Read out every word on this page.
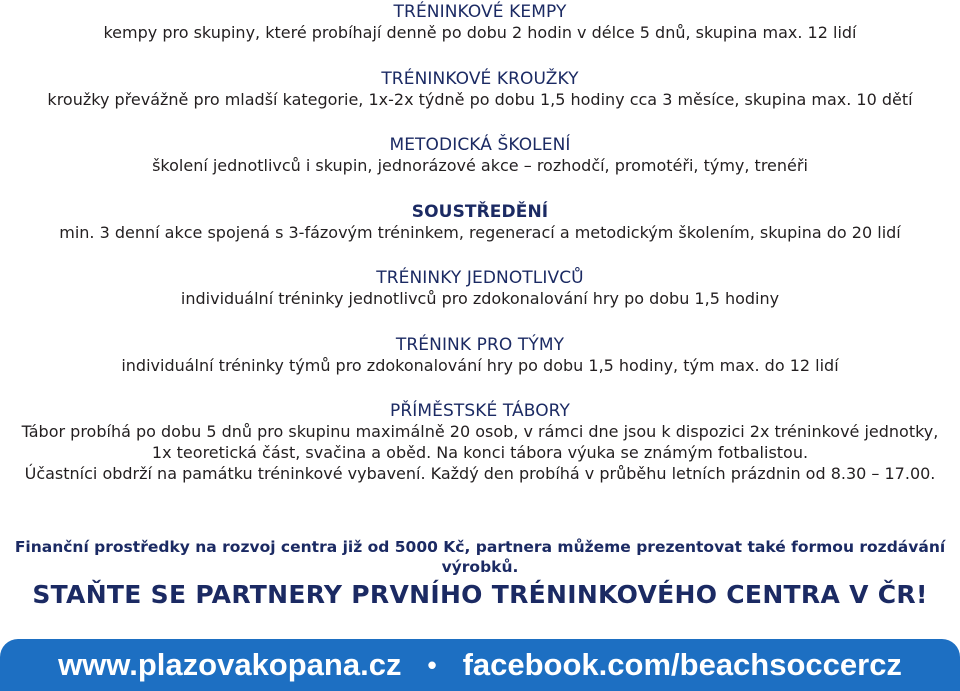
TRÉNINKOVÉ KEMPY
kempy pro skupiny, které probíhají denně po dobu 2 hodin v délce 5 dnů, skupina max. 12 lidí
TRÉNINKOVÉ KROUŽKY
kroužky převážně pro mladší kategorie, 1x-2x týdně po dobu 1,5 hodiny cca 3 měsíce, skupina max. 10 dětí
METODICKÁ ŠKOLENÍ
školení jednotlivců i skupin, jednorázové akce – rozhodčí, promotéři, týmy, trenéři
SOUSTŘEDĚNÍ
min. 3 denní akce spojená s 3-fázovým tréninkem, regenerací a metodickým školením, skupina do 20 lidí
TRÉNINKY JEDNOTLIVCŮ
individuální tréninky jednotlivců pro zdokonalování hry po dobu 1,5 hodiny
TRÉNINK PRO TÝMY
individuální tréninky týmů pro zdokonalování hry po dobu 1,5 hodiny, tým max. do 12 lidí
PŘÍMĚSTSKÉ TÁBORY
Tábor probíhá po dobu 5 dnů pro skupinu maximálně 20 osob, v rámci dne jsou k dispozici 2x tréninkové jednotky,
1x teoretická část, svačina a oběd. Na konci tábora výuka se známým fotbalistou.
Účastníci obdrží na památku tréninkové vybavení. Každý den probíhá v průběhu letních prázdnin od 8.30 – 17.00.
Finanční prostředky na rozvoj centra již od 5000 Kč, partnera můžeme prezentovat také formou rozdávání výrobků.
STAŇTE SE PARTNERY PRVNÍHO TRÉNINKOVÉHO CENTRA V ČR!
www.plazovakopana.cz • facebook.com/beachsoccercz
